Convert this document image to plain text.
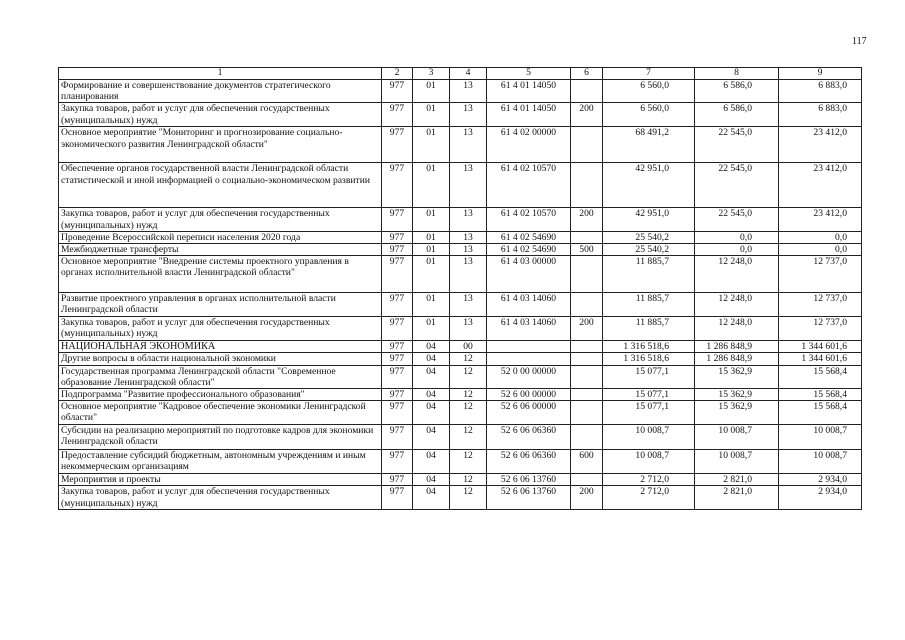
117
1	2	3	4	5	6	7	8	9
Формирование и совершенствование документов стратегического планирования	977	01	13	61 4 01 14050		6 560,0	6 586,0	6 883,0
Закупка товаров, работ и услуг для обеспечения государственных (муниципальных) нужд	977	01	13	61 4 01 14050	200	6 560,0	6 586,0	6 883,0
Основное мероприятие "Мониторинг и прогнозирование социально-экономического развития Ленинградской области"	977	01	13	61 4 02 00000		68 491,2	22 545,0	23 412,0
Обеспечение органов государственной власти Ленинградской области статистической и иной информацией о социально-экономическом развитии	977	01	13	61 4 02 10570		42 951,0	22 545,0	23 412,0
Закупка товаров, работ и услуг для обеспечения государственных (муниципальных) нужд	977	01	13	61 4 02 10570	200	42 951,0	22 545,0	23 412,0
Проведение Всероссийской переписи населения 2020 года	977	01	13	61 4 02 54690		25 540,2	0,0	0,0
Межбюджетные трансферты	977	01	13	61 4 02 54690	500	25 540,2	0,0	0,0
Основное мероприятие "Внедрение системы проектного управления в органах исполнительной власти Ленинградской области"	977	01	13	61 4 03 00000		11 885,7	12 248,0	12 737,0
Развитие проектного управления в органах исполнительной власти Ленинградской области	977	01	13	61 4 03 14060		11 885,7	12 248,0	12 737,0
Закупка товаров, работ и услуг для обеспечения государственных (муниципальных) нужд	977	01	13	61 4 03 14060	200	11 885,7	12 248,0	12 737,0
НАЦИОНАЛЬНАЯ ЭКОНОМИКА	977	04	00			1 316 518,6	1 286 848,9	1 344 601,6
Другие вопросы в области национальной экономики	977	04	12			1 316 518,6	1 286 848,9	1 344 601,6
Государственная программа Ленинградской области "Современное образование Ленинградской области"	977	04	12	52 0 00 00000		15 077,1	15 362,9	15 568,4
Подпрограмма "Развитие профессионального образования"	977	04	12	52 6 00 00000		15 077,1	15 362,9	15 568,4
Основное мероприятие "Кадровое обеспечение экономики Ленинградской области"	977	04	12	52 6 06 00000		15 077,1	15 362,9	15 568,4
Субсидии на реализацию мероприятий по подготовке кадров для экономики Ленинградской области	977	04	12	52 6 06 06360		10 008,7	10 008,7	10 008,7
Предоставление субсидий бюджетным, автономным учреждениям и иным некоммерческим организациям	977	04	12	52 6 06 06360	600	10 008,7	10 008,7	10 008,7
Мероприятия и проекты	977	04	12	52 6 06 13760		2 712,0	2 821,0	2 934,0
Закупка товаров, работ и услуг для обеспечения государственных (муниципальных) нужд	977	04	12	52 6 06 13760	200	2 712,0	2 821,0	2 934,0
